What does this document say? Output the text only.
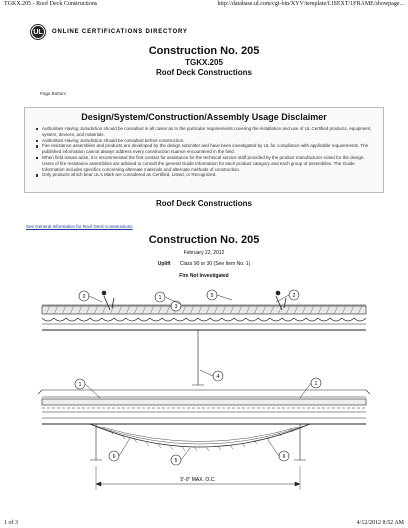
TGKX.205 - Roof Deck Constructions	http://database.ul.com/cgi-bin/XYV/template/LISEXT/1FRAME/showpage...
UL	ONLINE CERTIFICATIONS DIRECTORY
Construction No. 205
TGKX.205
Roof Deck Constructions
Page Bottom
Design/System/Construction/Assembly Usage Disclaimer
Authorities Having Jurisdiction should be consulted in all cases as to the particular requirements covering the installation and use of UL Certified products, equipment, system, devices, and materials.
Authorities Having Jurisdiction should be consulted before construction.
Fire resistance assemblies and products are developed by the design submitter and have been investigated by UL for compliance with applicable requirements. The published information cannot always address every construction nuance encountered in the field.
When field issues arise, it is recommended the first contact for assistance be the technical service staff provided by the product manufacturer noted for the design. Users of fire resistance assemblies are advised to consult the general Guide Information for each product category and each group of assemblies. The Guide Information includes specifics concerning alternate materials and alternate methods of construction.
Only products which bear UL's Mark are considered as Certified, Listed, or Recognized.
Roof Deck Constructions
See General Information for Roof Deck Constructions
Construction No. 205
February 22, 2012
Uplift Class 90 or 30 (See Item No. 1)
Fire Not Investigated
2	1
3
5	2
4
5'-0" MAX. O.C.
1	1
6	6
5
1 of 3	4/12/2012 8:52 AM
